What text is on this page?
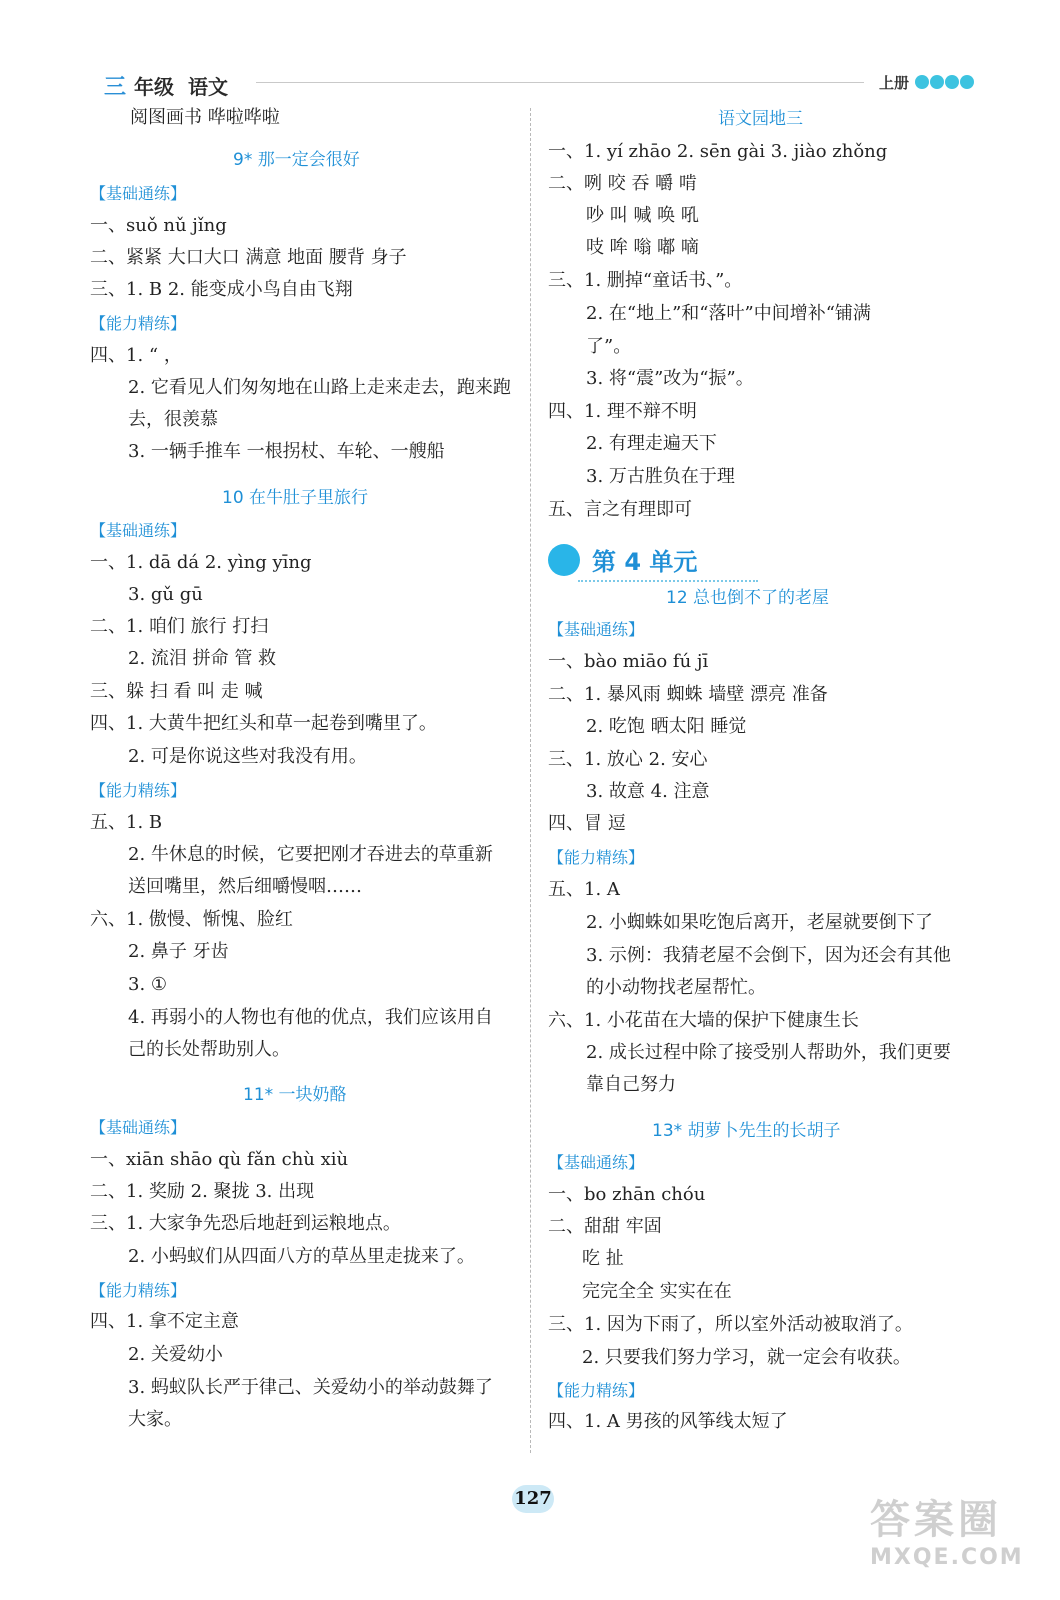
三 年级 语文	上册
阅图画书 哗啦哗啦
9* 那一定会很好
【基础通练】
一、suǒ nǔ jǐng
二、紧紧 大口大口 满意 地面 腰背 身子
三、1. B 2. 能变成小鸟自由飞翔
【能力精练】
四、1. “ ，
2. 它看见人们匆匆地在山路上走来走去，跑来跑
去，很羡慕
3. 一辆手推车 一根拐杖、车轮、一艘船
10 在牛肚子里旅行
【基础通练】
一、1. dā dá 2. yìng yīng
3. gǔ gū
二、1. 咱们 旅行 打扫
2. 流泪 拼命 管 救
三、躲 扫 看 叫 走 喊
四、1. 大黄牛把红头和草一起卷到嘴里了。
2. 可是你说这些对我没有用。
【能力精练】
五、1. B
2. 牛休息的时候，它要把刚才吞进去的草重新
送回嘴里，然后细嚼慢咽……
六、1. 傲慢、惭愧、脸红
2. 鼻子 牙齿
3. ①
4. 再弱小的人物也有他的优点，我们应该用自
己的长处帮助别人。
11* 一块奶酪
【基础通练】
一、xiān shāo qù fǎn chù xiù
二、1. 奖励 2. 聚拢 3. 出现
三、1. 大家争先恐后地赶到运粮地点。
2. 小蚂蚁们从四面八方的草丛里走拢来了。
【能力精练】
四、1. 拿不定主意
2. 关爱幼小
3. 蚂蚁队长严于律己、关爱幼小的举动鼓舞了
大家。
语文园地三
一、1. yí zhāo 2. sēn gài 3. jiào zhǒng
二、咧 咬 吞 嚼 啃
吵 叫 喊 唤 吼
吱 哞 嗡 嘟 嘀
三、1. 删掉“童话书、”。
2. 在“地上”和“落叶”中间增补“铺满
了”。
3. 将“震”改为“振”。
四、1. 理不辩不明
2. 有理走遍天下
3. 万古胜负在于理
五、言之有理即可
第 4 单元
12 总也倒不了的老屋
【基础通练】
一、bào miāo fú jī
二、1. 暴风雨 蜘蛛 墙壁 漂亮 准备
2. 吃饱 晒太阳 睡觉
三、1. 放心 2. 安心
3. 故意 4. 注意
四、冒 逗
【能力精练】
五、1. A
2. 小蜘蛛如果吃饱后离开，老屋就要倒下了
3. 示例：我猜老屋不会倒下，因为还会有其他
的小动物找老屋帮忙。
六、1. 小花苗在大墙的保护下健康生长
2. 成长过程中除了接受别人帮助外，我们更要
靠自己努力
13* 胡萝卜先生的长胡子
【基础通练】
一、bo zhān chóu
二、甜甜 牢固
吃 扯
完完全全 实实在在
三、1. 因为下雨了，所以室外活动被取消了。
2. 只要我们努力学习，就一定会有收获。
【能力精练】
四、1. A 男孩的风筝线太短了
127	答案圈
MXQE.COM
